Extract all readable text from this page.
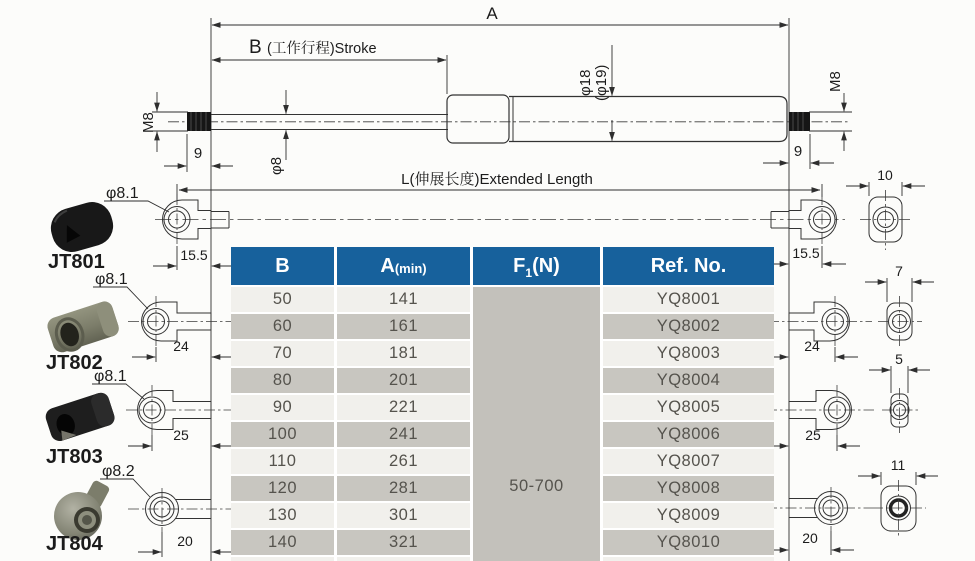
A
B (工作行程)Stroke
M8
M8
9	9
φ8
φ18 (φ19)
L(伸展长度)Extended Length
15.5
24
25
20
15.5
24
25
20
10
7
5
11
φ8.1
φ8.1
φ8.1
φ8.2
JT801
JT802
JT803
JT804
B	A (min)	F 1 (N)	Ref. No.
50-700
50	141	YQ8001
60	161	YQ8002
70	181	YQ8003
80	201	YQ8004
90	221	YQ8005
100	241	YQ8006
110	261	YQ8007
120	281	YQ8008
130	301	YQ8009
140	321	YQ8010
